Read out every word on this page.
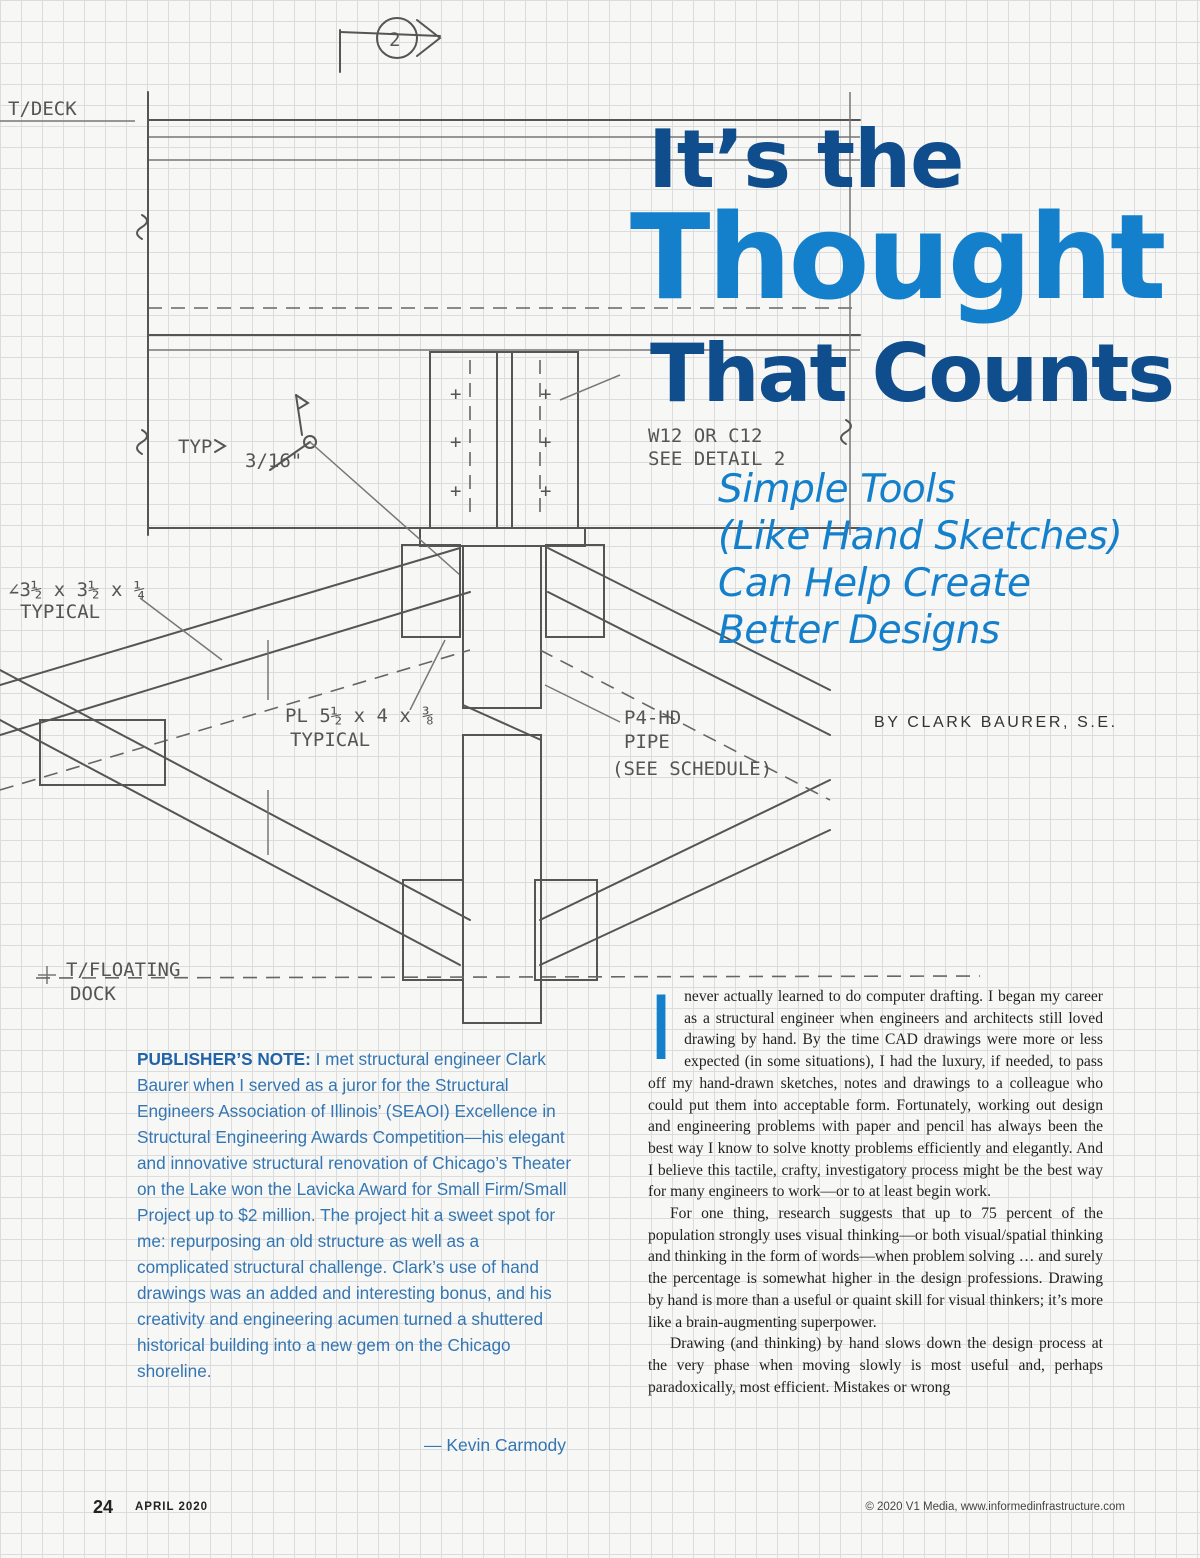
2
T/DECK
+
+
+
+
+
+
TYP
3/16"
W12 OR C12
SEE DETAIL 2
∠3½ x 3½ x ¼
TYPICAL
PL 5½ x 4 x ⅜
TYPICAL
P4-HD
PIPE
(SEE SCHEDULE)
T/FLOATING
DOCK
It’s the
Thought
That Counts
Simple Tools
(Like Hand Sketches)
Can Help Create
Better Designs
BY CLARK BAURER, S.E.

PUBLISHER’S NOTE: I met structural engineer Clark Baurer when I served as a juror for the Structural Engineers Association of Illinois’ (SEAOI) Excellence in Structural Engineering Awards Competition—his elegant and innovative structural renovation of Chicago’s Theater on the Lake won the Lavicka Award for Small Firm/Small Project up to $2 million. The project hit a sweet spot for me: repurposing an old structure as well as a complicated structural challenge. Clark’s use of hand drawings was an added and interesting bonus, and his creativity and engineering acumen turned a shuttered historical building into a new gem on the Chicago shoreline.

— Kevin Carmody

Inever actually learned to do computer drafting. I began my career as a structural engineer when engineers and architects still loved drawing by hand. By the time CAD drawings were more or less expected (in some situations), I had the luxury, if needed, to pass off my hand-drawn sketches, notes and drawings to a colleague who could put them into acceptable form. Fortunately, working out design and engineering problems with paper and pencil has always been the best way I know to solve knotty problems efficiently and elegantly. And I believe this tactile, crafty, investigatory process might be the best way for many engineers to work—or to at least begin work.

For one thing, research suggests that up to 75 percent of the population strongly uses visual thinking—or both visual/spatial thinking and thinking in the form of words—when problem solving … and surely the percentage is somewhat higher in the design professions. Drawing by hand is more than a useful or quaint skill for visual thinkers; it’s more like a brain-augmenting superpower.

Drawing (and thinking) by hand slows down the design process at the very phase when moving slowly is most useful and, perhaps paradoxically, most efficient. Mistakes or wrong

24 APRIL 2020	© 2020 V1 Media, www.informedinfrastructure.com
